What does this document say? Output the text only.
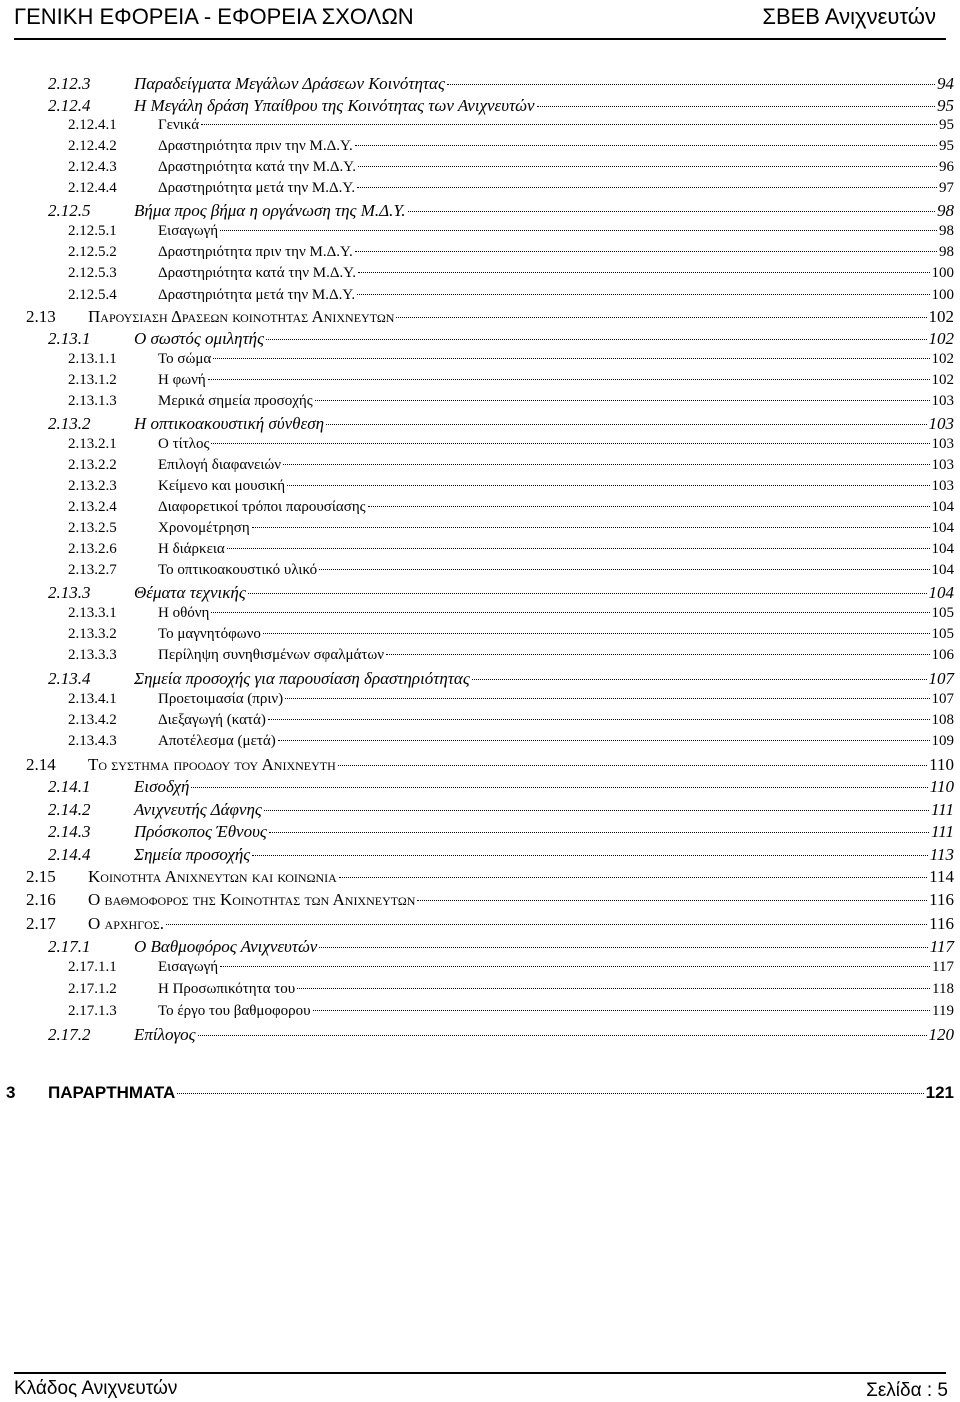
ΓΕΝΙΚΗ ΕΦΟΡΕΙΑ - ΕΦΟΡΕΙΑ ΣΧΟΛΩΝ	ΣΒΕΒ Ανιχνευτών
2.12.3	Παραδείγματα Μεγάλων Δράσεων Κοινότητας	94
2.12.4	Η Μεγάλη δράση Υπαίθρου της Κοινότητας των Ανιχνευτών	95
2.12.4.1	Γενικά	95
2.12.4.2	Δραστηριότητα πριν την Μ.Δ.Υ.	95
2.12.4.3	Δραστηριότητα κατά την Μ.Δ.Υ.	96
2.12.4.4	Δραστηριότητα μετά την Μ.Δ.Υ.	97
2.12.5	Βήμα προς βήμα η οργάνωση της Μ.Δ.Υ.	98
2.12.5.1	Εισαγωγή	98
2.12.5.2	Δραστηριότητα πριν την Μ.Δ.Υ.	98
2.12.5.3	Δραστηριότητα κατά την Μ.Δ.Υ.	100
2.12.5.4	Δραστηριότητα μετά την Μ.Δ.Υ.	100
2.13	Παρουσιαση Δρασεων κοινοτητασ Ανιχνευτων	102
2.13.1	Ο σωστός ομιλητής	102
2.13.1.1	Το σώμα	102
2.13.1.2	Η φωνή	102
2.13.1.3	Μερικά σημεία προσοχής	103
2.13.2	Η οπτικοακουστική σύνθεση	103
2.13.2.1	Ο τίτλος	103
2.13.2.2	Επιλογή διαφανειών	103
2.13.2.3	Κείμενο και μουσική	103
2.13.2.4	Διαφορετικοί τρόποι παρουσίασης	104
2.13.2.5	Χρονομέτρηση	104
2.13.2.6	Η διάρκεια	104
2.13.2.7	Το οπτικοακουστικό υλικό	104
2.13.3	Θέματα τεχνικής	104
2.13.3.1	Η οθόνη	105
2.13.3.2	Το μαγνητόφωνο	105
2.13.3.3	Περίληψη συνηθισμένων σφαλμάτων	106
2.13.4	Σημεία προσοχής για παρουσίαση δραστηριότητας	107
2.13.4.1	Προετοιμασία (πριν)	107
2.13.4.2	Διεξαγωγή (κατά)	108
2.13.4.3	Αποτέλεσμα (μετά)	109
2.14	Το συστημα προοδου του Ανιχνευτη	110
2.14.1	Εισοδχή	110
2.14.2	Ανιχνευτής Δάφνης	111
2.14.3	Πρόσκοπος Έθνους	111
2.14.4	Σημεία προσοχής	113
2.15	Κοινοτητα Ανιχνευτων και κοινωνια	114
2.16	Ο βαθμοφορος της Κοινοτητας των Ανιχνευτων	116
2.17	Ο αρχηγοσ.	116
2.17.1	Ο Βαθμοφόρος Ανιχνευτών	117
2.17.1.1	Εισαγωγή	117
2.17.1.2	Η Προσωπικότητα του	118
2.17.1.3	Το έργο του βαθμοφορου	119
2.17.2	Επίλογος	120
3	ΠΑΡΑΡΤΗΜΑΤΑ	121
Κλάδος Ανιχνευτών	Σελίδα : 5
